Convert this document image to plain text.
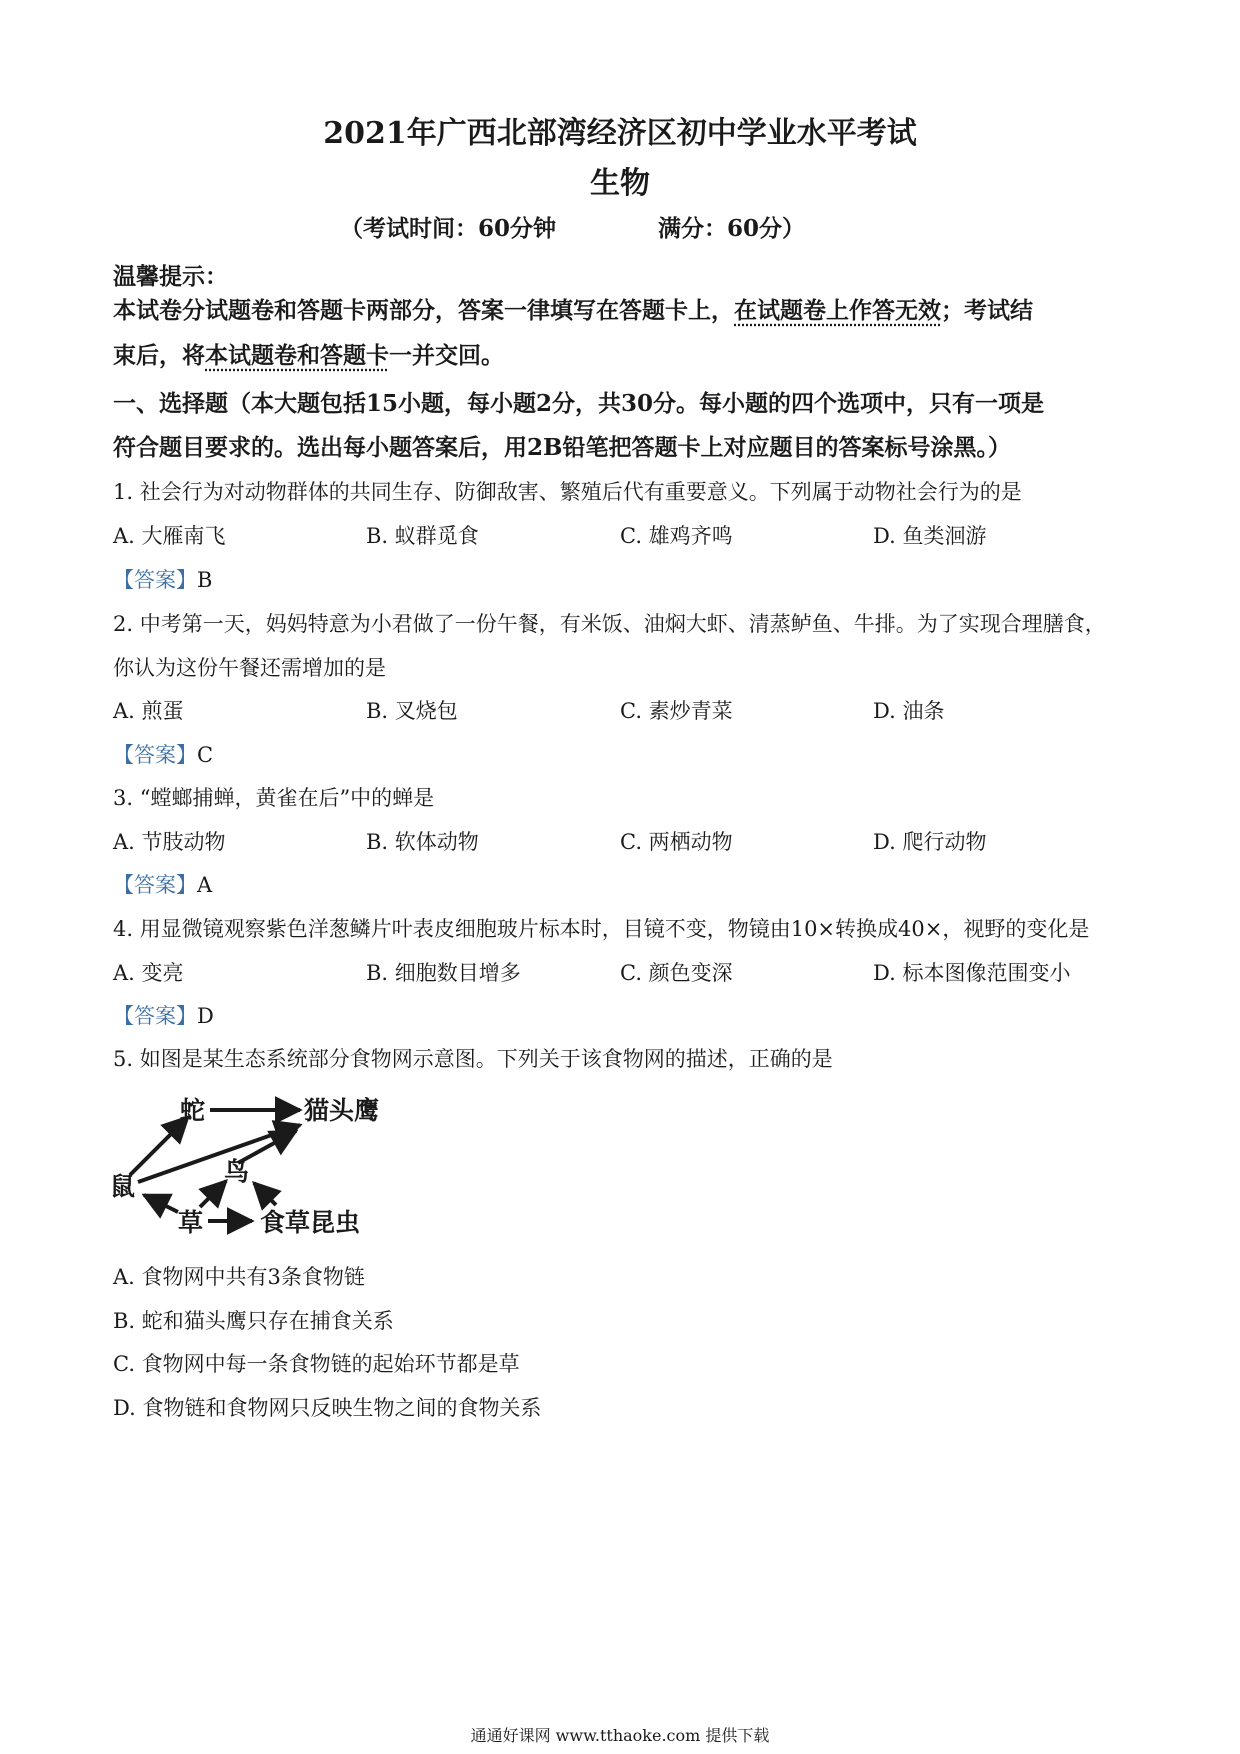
2021年广西北部湾经济区初中学业水平考试
生物
（考试时间：60分钟	满分：60分）
温馨提示：
本试卷分试题卷和答题卡两部分，答案一律填写在答题卡上，在试题卷上作答无效；考试结
束后，将本试题卷和答题卡一并交回。
一、选择题（本大题包括15小题，每小题2分，共30分。每小题的四个选项中，只有一项是
符合题目要求的。选出每小题答案后，用2B铅笔把答题卡上对应题目的答案标号涂黑。）
1. 社会行为对动物群体的共同生存、防御敌害、繁殖后代有重要意义。下列属于动物社会行为的是
A. 大雁南飞	B. 蚁群觅食	C. 雄鸡齐鸣	D. 鱼类洄游
【答案】B
2. 中考第一天，妈妈特意为小君做了一份午餐，有米饭、油焖大虾、清蒸鲈鱼、牛排。为了实现合理膳食，
你认为这份午餐还需增加的是
A. 煎蛋	B. 叉烧包	C. 素炒青菜	D. 油条
【答案】C
3. “螳螂捕蝉，黄雀在后”中的蝉是
A. 节肢动物	B. 软体动物	C. 两栖动物	D. 爬行动物
【答案】A
4. 用显微镜观察紫色洋葱鳞片叶表皮细胞玻片标本时，目镜不变，物镜由10×转换成40×，视野的变化是
A. 变亮	B. 细胞数目增多	C. 颜色变深	D. 标本图像范围变小
【答案】D
5. 如图是某生态系统部分食物网示意图。下列关于该食物网的描述，正确的是
蛇	猫头鹰
鸟
鼠
草 食草昆虫
A. 食物网中共有3条食物链
B. 蛇和猫头鹰只存在捕食关系
C. 食物网中每一条食物链的起始环节都是草
D. 食物链和食物网只反映生物之间的食物关系
通通好课网 www.tthaoke.com 提供下载
